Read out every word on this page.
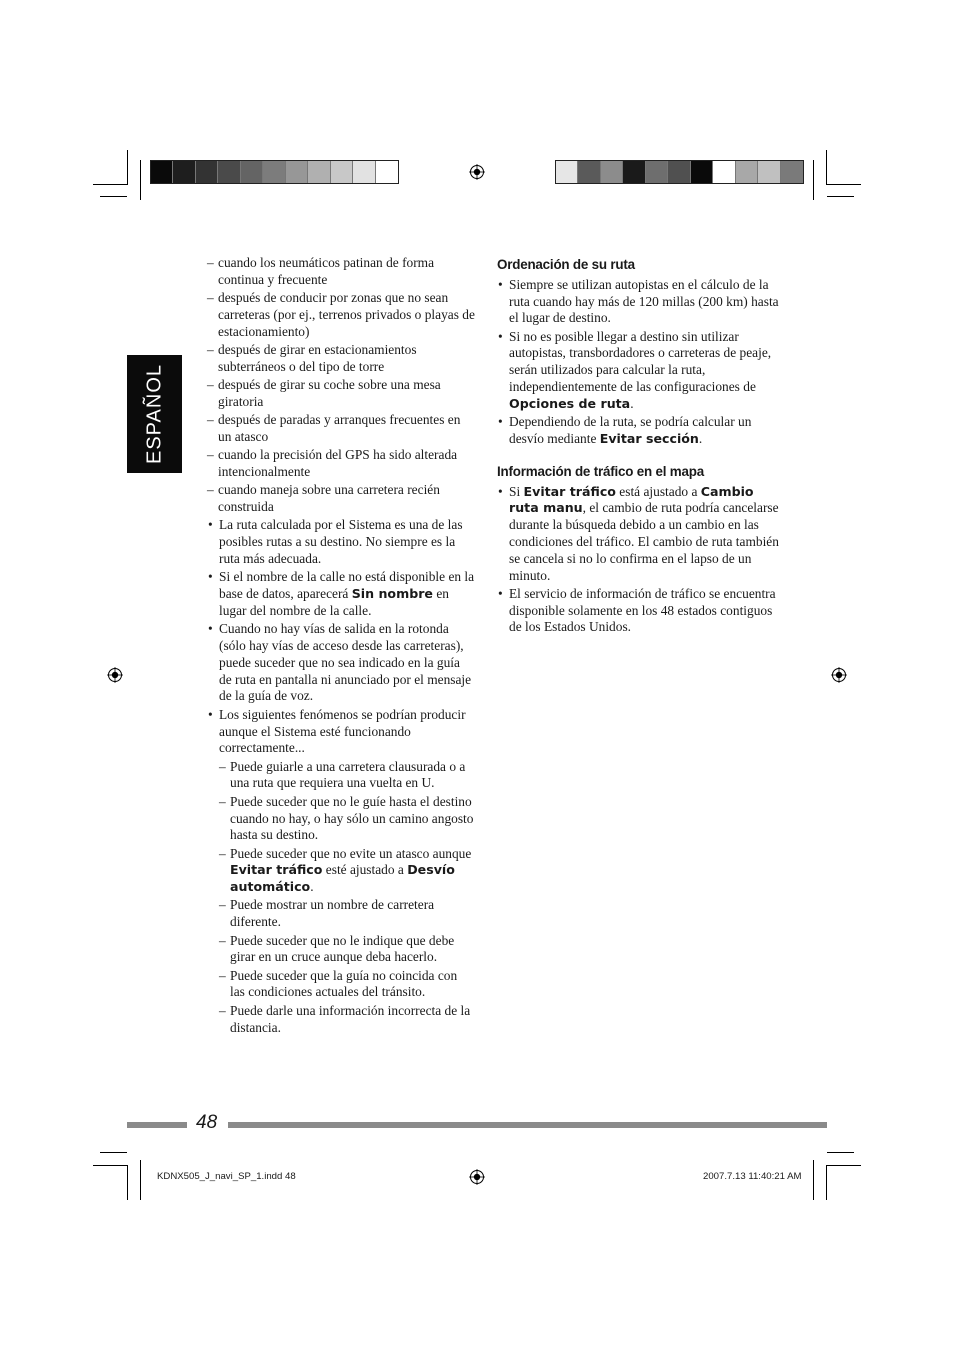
ESPAÑOL
– cuando los neumáticos patinan de forma continua y frecuente
– después de conducir por zonas que no sean carreteras (por ej., terrenos privados o playas de estacionamiento)
– después de girar en estacionamientos subterráneos o del tipo de torre
– después de girar su coche sobre una mesa giratoria
– después de paradas y arranques frecuentes en un atasco
– cuando la precisión del GPS ha sido alterada intencionalmente
– cuando maneja sobre una carretera recién construida
• La ruta calculada por el Sistema es una de las posibles rutas a su destino. No siempre es la ruta más adecuada.
• Si el nombre de la calle no está disponible en la base de datos, aparecerá Sin nombre en lugar del nombre de la calle.
• Cuando no hay vías de salida en la rotonda (sólo hay vías de acceso desde las carreteras), puede suceder que no sea indicado en la guía de ruta en pantalla ni anunciado por el mensaje de la guía de voz.
• Los siguientes fenómenos se podrían producir aunque el Sistema esté funcionando correctamente...
– Puede guiarle a una carretera clausurada o a una ruta que requiera una vuelta en U.
– Puede suceder que no le guíe hasta el destino cuando no hay, o hay sólo un camino angosto hasta su destino.
– Puede suceder que no evite un atasco aunque Evitar tráfico esté ajustado a Desvío automático.
– Puede mostrar un nombre de carretera diferente.
– Puede suceder que no le indique que debe girar en un cruce aunque deba hacerlo.
– Puede suceder que la guía no coincida con las condiciones actuales del tránsito.
– Puede darle una información incorrecta de la distancia.
Ordenación de su ruta
• Siempre se utilizan autopistas en el cálculo de la ruta cuando hay más de 120 millas (200 km) hasta el lugar de destino.
• Si no es posible llegar a destino sin utilizar autopistas, transbordadores o carreteras de peaje, serán utilizados para calcular la ruta, independientemente de las configuraciones de Opciones de ruta.
• Dependiendo de la ruta, se podría calcular un desvío mediante Evitar sección.
Información de tráfico en el mapa
• Si Evitar tráfico está ajustado a Cambio ruta manu, el cambio de ruta podría cancelarse durante la búsqueda debido a un cambio en las condiciones del tráfico. El cambio de ruta también se cancela si no lo confirma en el lapso de un minuto.
• El servicio de información de tráfico se encuentra disponible solamente en los 48 estados contiguos de los Estados Unidos.
48
KDNX505_J_navi_SP_1.indd 48	2007.7.13 11:40:21 AM
